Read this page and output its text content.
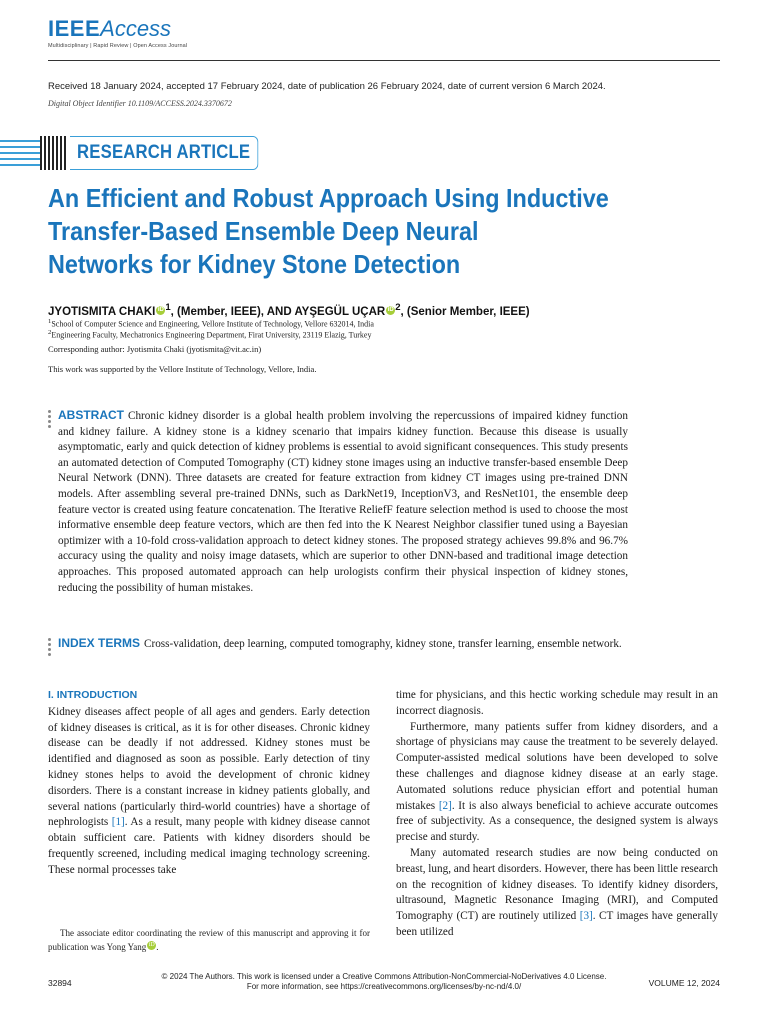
IEEEAccess
Multidisciplinary | Rapid Review | Open Access Journal
Received 18 January 2024, accepted 17 February 2024, date of publication 26 February 2024, date of current version 6 March 2024.
Digital Object Identifier 10.1109/ACCESS.2024.3370672
RESEARCH ARTICLE
An Efficient and Robust Approach Using Inductive
Transfer-Based Ensemble Deep Neural
Networks for Kidney Stone Detection
JYOTISMITA CHAKI iD $^1$, (Member, IEEE), AND AYŞEGÜL UÇAR iD $^2$, (Senior Member, IEEE)
$^1$School of Computer Science and Engineering, Vellore Institute of Technology, Vellore 632014, India
$^2$Engineering Faculty, Mechatronics Engineering Department, Firat University, 23119 Elazig, Turkey
Corresponding author: Jyotismita Chaki (jyotismita@vit.ac.in)
This work was supported by the Vellore Institute of Technology, Vellore, India.
ABSTRACT Chronic kidney disorder is a global health problem involving the repercussions of impaired kidney function and kidney failure. A kidney stone is a kidney scenario that impairs kidney function. Because this disease is usually asymptomatic, early and quick detection of kidney problems is essential to avoid significant consequences. This study presents an automated detection of Computed Tomography (CT) kidney stone images using an inductive transfer-based ensemble Deep Neural Network (DNN). Three datasets are created for feature extraction from kidney CT images using pre-trained DNN models. After assembling several pre-trained DNNs, such as DarkNet19, InceptionV3, and ResNet101, the ensemble deep feature vector is created using feature concatenation. The Iterative ReliefF feature selection method is used to choose the most informative ensemble deep feature vectors, which are then fed into the K Nearest Neighbor classifier tuned using a Bayesian optimizer with a 10-fold cross-validation approach to detect kidney stones. The proposed strategy achieves 99.8% and 96.7% accuracy using the quality and noisy image datasets, which are superior to other DNN-based and traditional image detection approaches. This proposed automated approach can help urologists confirm their physical inspection of kidney stones, reducing the possibility of human mistakes.
INDEX TERMS Cross-validation, deep learning, computed tomography, kidney stone, transfer learning, ensemble network.
I. INTRODUCTION

Kidney diseases affect people of all ages and genders. Early detection of kidney diseases is critical, as it is for other diseases. Chronic kidney disease can be deadly if not addressed. Kidney stones must be identified and diagnosed as soon as possible. Early detection of tiny kidney stones helps to avoid the development of chronic kidney disorders. There is a constant increase in kidney patients globally, and several nations (particularly third-world countries) have a shortage of nephrologists [1]. As a result, many people with kidney disease cannot obtain sufficient care. Patients with kidney disorders should be frequently screened, including medical imaging technology screening. These normal processes take

The associate editor coordinating the review of this manuscript and approving it for publication was Yong Yang iD .

time for physicians, and this hectic working schedule may result in an incorrect diagnosis.

Furthermore, many patients suffer from kidney disorders, and a shortage of physicians may cause the treatment to be severely delayed. Computer-assisted medical solutions have been developed to solve these challenges and diagnose kidney disease at an early stage. Automated solutions reduce physician effort and potential human mistakes [2]. It is also always beneficial to achieve accurate outcomes free of subjectivity. As a consequence, the designed system is always precise and sturdy.

Many automated research studies are now being conducted on breast, lung, and heart disorders. However, there has been little research on the recognition of kidney diseases. To identify kidney disorders, ultrasound, Magnetic Resonance Imaging (MRI), and Computed Tomography (CT) are routinely utilized [3]. CT images have generally been utilized

32894
© 2024 The Authors. This work is licensed under a Creative Commons Attribution-NonCommercial-NoDerivatives 4.0 License.
For more information, see https://creativecommons.org/licenses/by-nc-nd/4.0/	VOLUME 12, 2024
